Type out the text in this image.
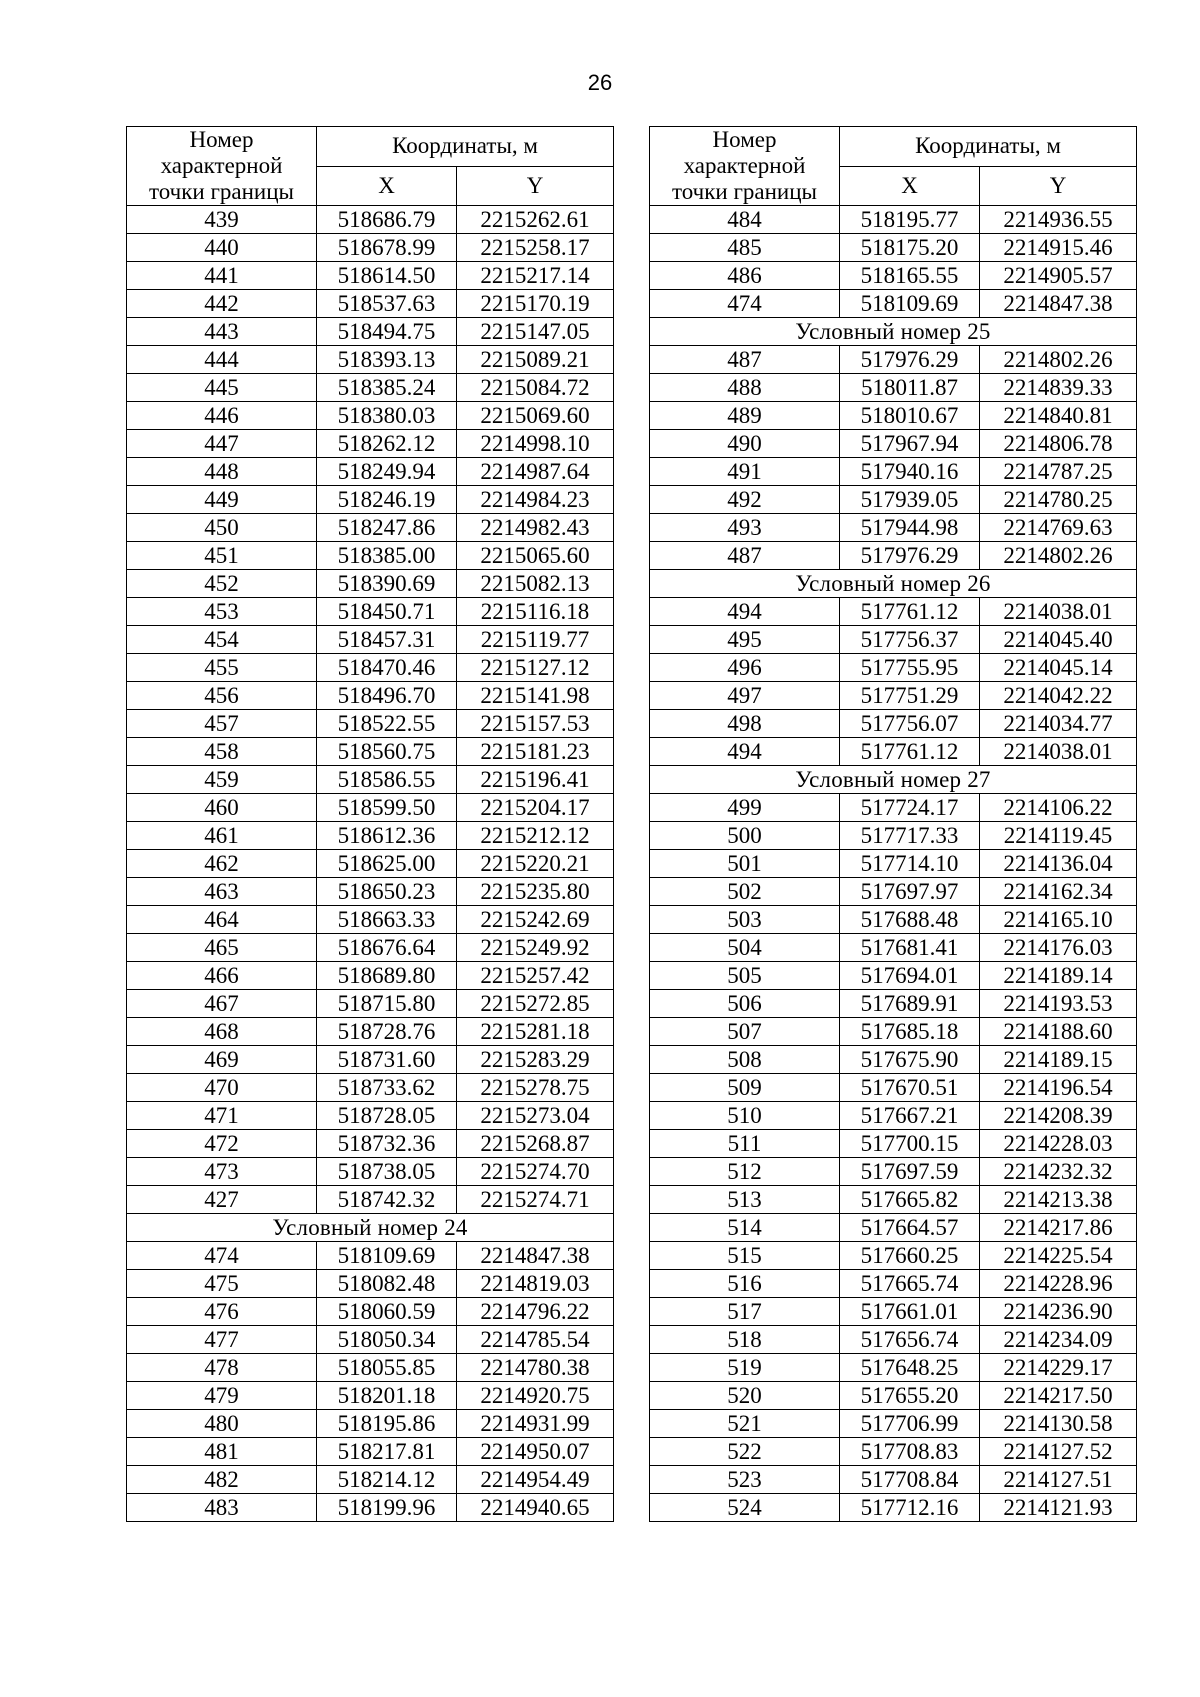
26
Номер
характерной
точки границы	Координаты, м	
	X	Y
439	518686.79	2215262.61
440	518678.99	2215258.17
441	518614.50	2215217.14
442	518537.63	2215170.19
443	518494.75	2215147.05
444	518393.13	2215089.21
445	518385.24	2215084.72
446	518380.03	2215069.60
447	518262.12	2214998.10
448	518249.94	2214987.64
449	518246.19	2214984.23
450	518247.86	2214982.43
451	518385.00	2215065.60
452	518390.69	2215082.13
453	518450.71	2215116.18
454	518457.31	2215119.77
455	518470.46	2215127.12
456	518496.70	2215141.98
457	518522.55	2215157.53
458	518560.75	2215181.23
459	518586.55	2215196.41
460	518599.50	2215204.17
461	518612.36	2215212.12
462	518625.00	2215220.21
463	518650.23	2215235.80
464	518663.33	2215242.69
465	518676.64	2215249.92
466	518689.80	2215257.42
467	518715.80	2215272.85
468	518728.76	2215281.18
469	518731.60	2215283.29
470	518733.62	2215278.75
471	518728.05	2215273.04
472	518732.36	2215268.87
473	518738.05	2215274.70
427	518742.32	2215274.71
Условный номер 24		
474	518109.69	2214847.38
475	518082.48	2214819.03
476	518060.59	2214796.22
477	518050.34	2214785.54
478	518055.85	2214780.38
479	518201.18	2214920.75
480	518195.86	2214931.99
481	518217.81	2214950.07
482	518214.12	2214954.49
483	518199.96	2214940.65
Номер
характерной
точки границы	Координаты, м	
	X	Y
484	518195.77	2214936.55
485	518175.20	2214915.46
486	518165.55	2214905.57
474	518109.69	2214847.38
Условный номер 25		
487	517976.29	2214802.26
488	518011.87	2214839.33
489	518010.67	2214840.81
490	517967.94	2214806.78
491	517940.16	2214787.25
492	517939.05	2214780.25
493	517944.98	2214769.63
487	517976.29	2214802.26
Условный номер 26		
494	517761.12	2214038.01
495	517756.37	2214045.40
496	517755.95	2214045.14
497	517751.29	2214042.22
498	517756.07	2214034.77
494	517761.12	2214038.01
Условный номер 27		
499	517724.17	2214106.22
500	517717.33	2214119.45
501	517714.10	2214136.04
502	517697.97	2214162.34
503	517688.48	2214165.10
504	517681.41	2214176.03
505	517694.01	2214189.14
506	517689.91	2214193.53
507	517685.18	2214188.60
508	517675.90	2214189.15
509	517670.51	2214196.54
510	517667.21	2214208.39
511	517700.15	2214228.03
512	517697.59	2214232.32
513	517665.82	2214213.38
514	517664.57	2214217.86
515	517660.25	2214225.54
516	517665.74	2214228.96
517	517661.01	2214236.90
518	517656.74	2214234.09
519	517648.25	2214229.17
520	517655.20	2214217.50
521	517706.99	2214130.58
522	517708.83	2214127.52
523	517708.84	2214127.51
524	517712.16	2214121.93
